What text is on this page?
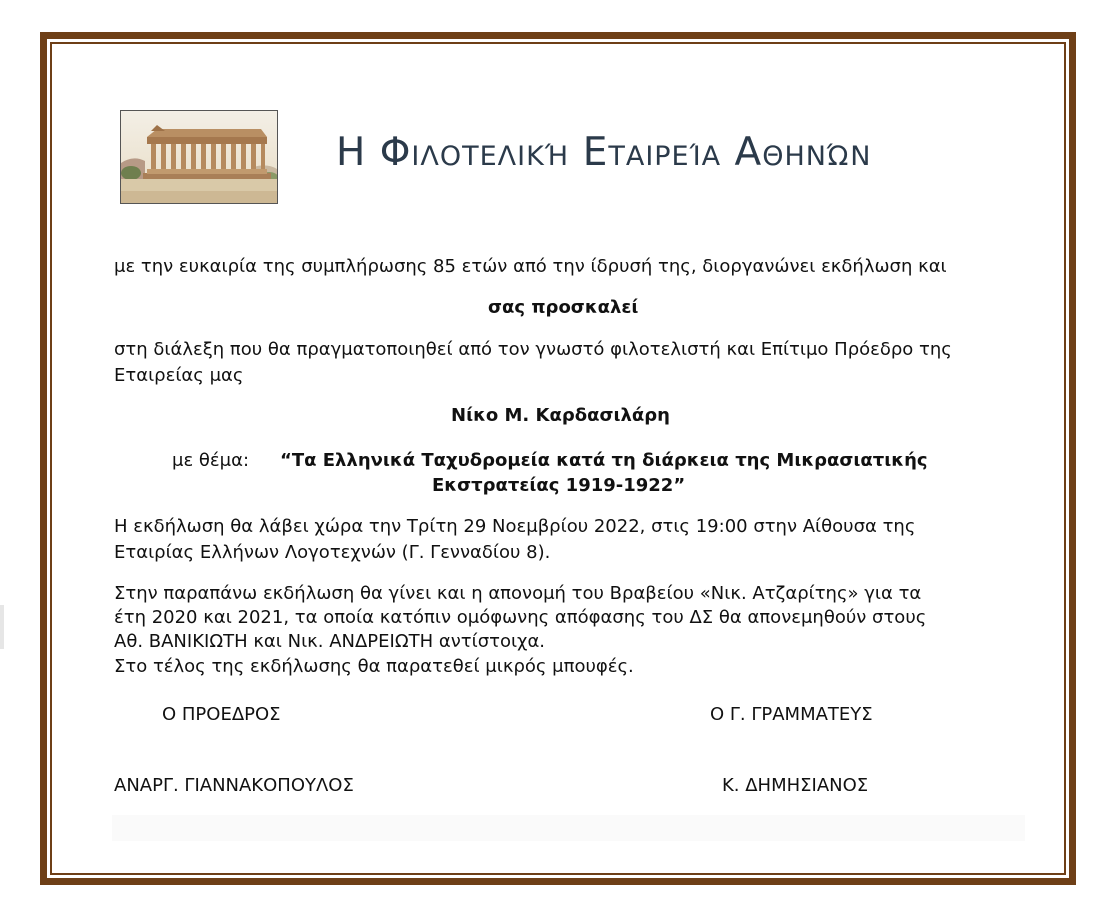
Η Φιλοτελική Εταιρεία Αθηνών
με την ευκαιρία της συμπλήρωσης 85 ετών από την ίδρυσή της, διοργανώνει εκδήλωση και
σας προσκαλεί
στη διάλεξη που θα πραγματοποιηθεί από τον γνωστό φιλοτελιστή και Επίτιμο Πρόεδρο της
Εταιρείας μας
Νίκο Μ. Καρδασιλάρη
με θέμα: “Τα Ελληνικά Ταχυδρομεία κατά τη διάρκεια της Μικρασιατικής
Εκστρατείας 1919-1922”
Η εκδήλωση θα λάβει χώρα την Τρίτη 29 Νοεμβρίου 2022, στις 19:00 στην Αίθουσα της
Εταιρίας Ελλήνων Λογοτεχνών (Γ. Γενναδίου 8).
Στην παραπάνω εκδήλωση θα γίνει και η απονομή του Βραβείου «Νικ. Ατζαρίτης» για τα
έτη 2020 και 2021, τα οποία κατόπιν ομόφωνης απόφασης του ΔΣ θα απονεμηθούν στους
Αθ. ΒΑΝΙΚΙΩΤΗ και Νικ. ΑΝΔΡΕΙΩΤΗ αντίστοιχα.
Στο τέλος της εκδήλωσης θα παρατεθεί μικρός μπουφές.
Ο ΠΡΟΕΔΡΟΣ	Ο Γ. ΓΡΑΜΜΑΤΕΥΣ
ΑΝΑΡΓ. ΓΙΑΝΝΑΚΟΠΟΥΛΟΣ	Κ. ΔΗΜΗΣΙΑΝΟΣ
